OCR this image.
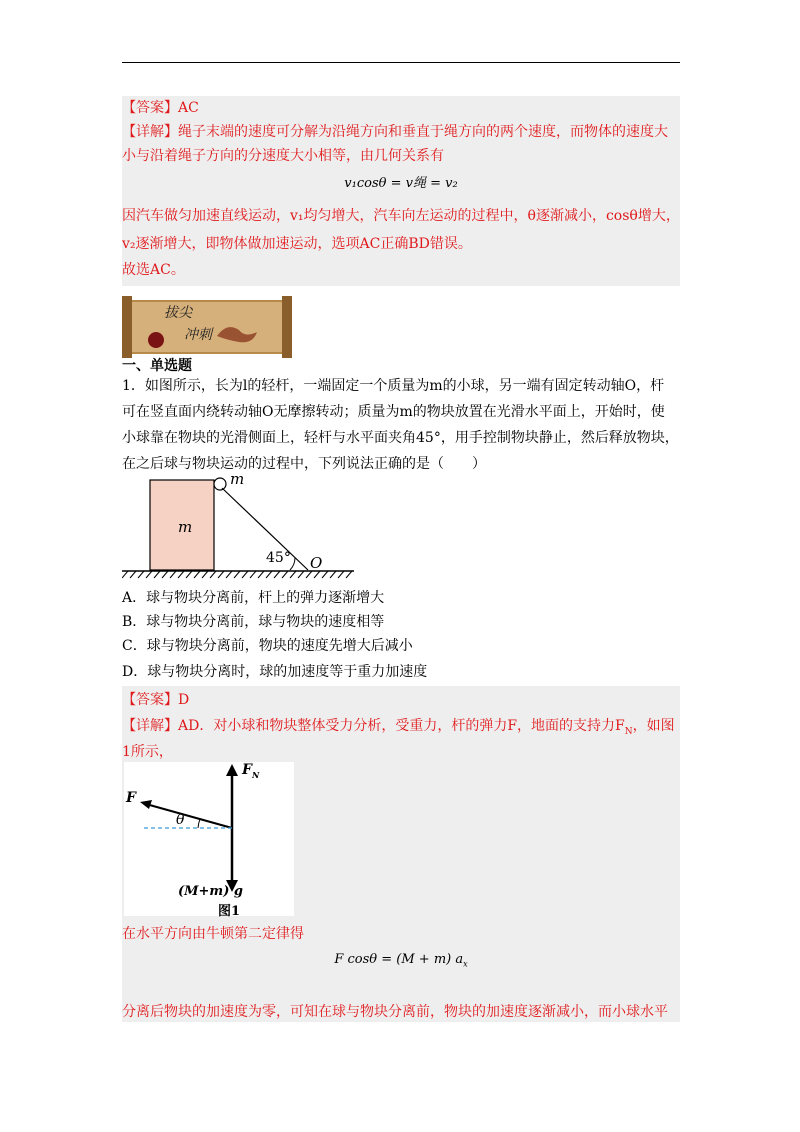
【答案】AC
【详解】绳子末端的速度可分解为沿绳方向和垂直于绳方向的两个速度，而物体的速度大
小与沿着绳子方向的分速度大小相等，由几何关系有
v₁cosθ = v绳 = v₂
因汽车做匀加速直线运动，v₁均匀增大，汽车向左运动的过程中，θ逐渐减小，cosθ增大，
v₂逐渐增大，即物体做加速运动，选项AC正确BD错误。
故选AC。
拔尖
冲刺
一、单选题
1．如图所示，长为l的轻杆，一端固定一个质量为m的小球，另一端有固定转动轴O，杆
可在竖直面内绕转动轴O无摩擦转动；质量为m的物块放置在光滑水平面上，开始时，使
小球靠在物块的光滑侧面上，轻杆与水平面夹角45°，用手控制物块静止，然后释放物块，
在之后球与物块运动的过程中，下列说法正确的是（　　）
m
m
45° O
A．球与物块分离前，杆上的弹力逐渐增大
B．球与物块分离前，球与物块的速度相等
C．球与物块分离前，物块的速度先增大后减小
D．球与物块分离时，球的加速度等于重力加速度
【答案】D
【详解】AD．对小球和物块整体受力分析，受重力，杆的弹力F，地面的支持力$F_N$，如图
1所示，
$F_N$
F
θ
(M+m) g
图1
在水平方向由牛顿第二定律得
F cosθ = (M + m) $a_x$
分离后物块的加速度为零，可知在球与物块分离前，物块的加速度逐渐减小，而小球水平
